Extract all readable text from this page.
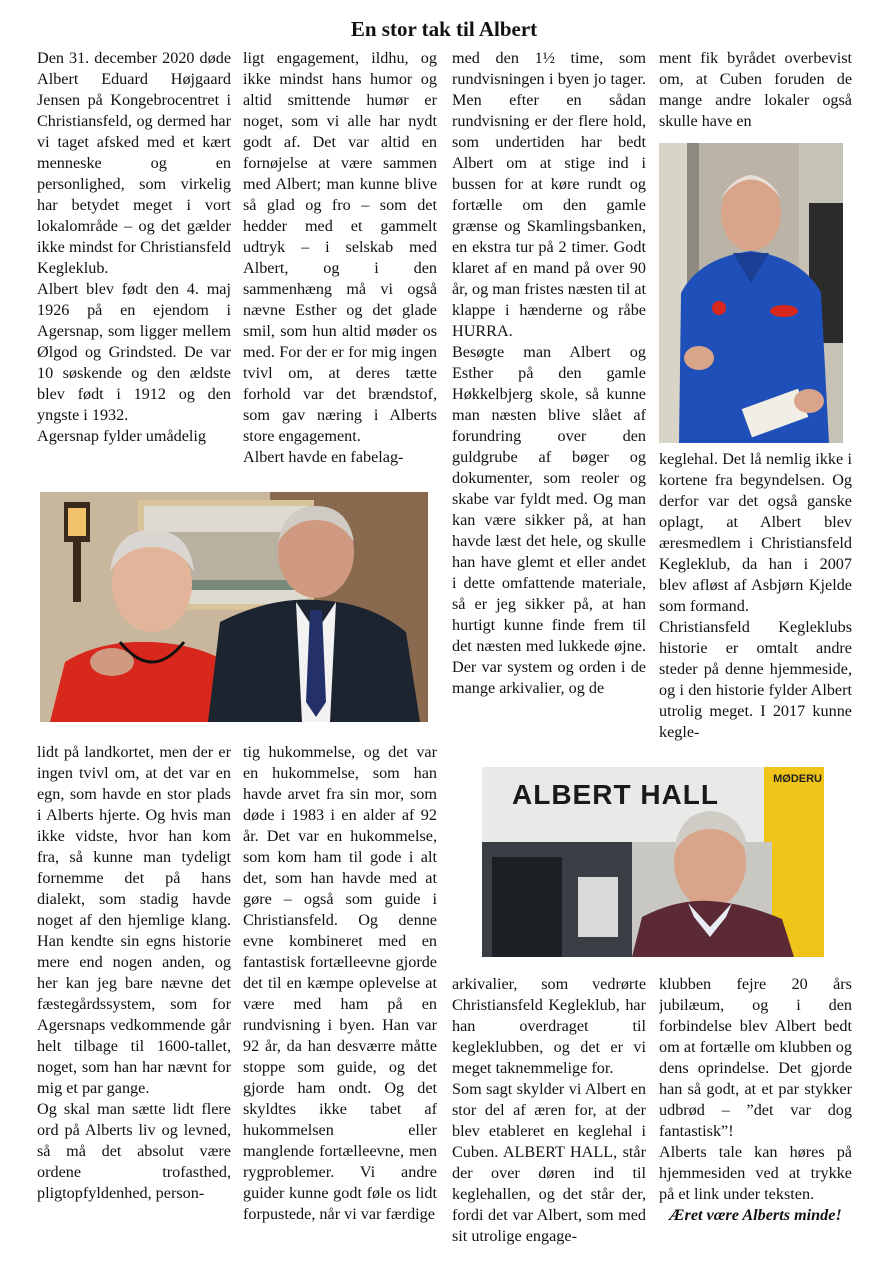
En stor tak til Albert

Den 31. december 2020 døde Albert Eduard Højgaard Jensen på Kongebrocentret i Christiansfeld, og dermed har vi taget afsked med et kært menneske og en personlighed, som virkelig har betydet meget i vort lokalområde – og det gælder ikke mindst for Christiansfeld Kegleklub.

Albert blev født den 4. maj 1926 på en ejendom i Agersnap, som ligger mellem Ølgod og Grindsted. De var 10 søskende og den ældste blev født i 1912 og den yngste i 1932.

Agersnap fylder umådelig

ligt engagement, ildhu, og ikke mindst hans humor og altid smittende humør er noget, som vi alle har nydt godt af. Det var altid en fornøjelse at være sammen med Albert; man kunne blive så glad og fro – som det hedder med et gammelt udtryk – i selskab med Albert, og i den sammenhæng må vi også nævne Esther og det glade smil, som hun altid møder os med. For der er for mig ingen tvivl om, at deres tætte forhold var det brændstof, som gav næring i Alberts store engagement.

Albert havde en fabelag-

med den 1½ time, som rundvisningen i byen jo tager. Men efter en sådan rundvisning er der flere hold, som undertiden har bedt Albert om at stige ind i bussen for at køre rundt og fortælle om den gamle grænse og Skamlingsbanken, en ekstra tur på 2 timer. Godt klaret af en mand på over 90 år, og man fristes næsten til at klappe i hænderne og råbe HURRA.

Besøgte man Albert og Esther på den gamle Høkkelbjerg skole, så kunne man næsten blive slået af forundring over den guldgrube af bøger og dokumenter, som reoler og skabe var fyldt med. Og man kan være sikker på, at han havde læst det hele, og skulle han have glemt et eller andet i dette omfattende materiale, så er jeg sikker på, at han hurtigt kunne finde frem til det næsten med lukkede øjne. Der var system og orden i de mange arkivalier, og de

ment fik byrådet overbevist om, at Cuben foruden de mange andre lokaler også skulle have en

keglehal. Det lå nemlig ikke i kortene fra begyndelsen. Og derfor var det også ganske oplagt, at Albert blev æresmedlem i Christiansfeld Kegleklub, da han i 2007 blev afløst af Asbjørn Kjelde som formand.

Christiansfeld Kegleklubs historie er omtalt andre steder på denne hjemmeside, og i den historie fylder Albert utrolig meget. I 2017 kunne kegle-

lidt på landkortet, men der er ingen tvivl om, at det var en egn, som havde en stor plads i Alberts hjerte. Og hvis man ikke vidste, hvor han kom fra, så kunne man tydeligt fornemme det på hans dialekt, som stadig havde noget af den hjemlige klang. Han kendte sin egns historie mere end nogen anden, og her kan jeg bare nævne det fæstegårdssystem, som for Agersnaps vedkommende går helt tilbage til 1600-tallet, noget, som han har nævnt for mig et par gange.

Og skal man sætte lidt flere ord på Alberts liv og levned, så må det absolut være ordene trofasthed, pligtopfyldenhed, person-

tig hukommelse, og det var en hukommelse, som han havde arvet fra sin mor, som døde i 1983 i en alder af 92 år. Det var en hukommelse, som kom ham til gode i alt det, som han havde med at gøre – også som guide i Christiansfeld. Og denne evne kombineret med en fantastisk fortælleevne gjorde det til en kæmpe oplevelse at være med ham på en rundvisning i byen. Han var 92 år, da han desværre måtte stoppe som guide, og det gjorde ham ondt. Og det skyldtes ikke tabet af hukommelsen eller manglende fortælleevne, men rygproblemer. Vi andre guider kunne godt føle os lidt forpustede, når vi var færdige

ALBERT HALL	MØDERU

arkivalier, som vedrørte Christiansfeld Kegleklub, har han overdraget til kegleklubben, og det er vi meget taknemmelige for.

Som sagt skylder vi Albert en stor del af æren for, at der blev etableret en keglehal i Cuben. ALBERT HALL, står der over døren ind til keglehallen, og det står der, fordi det var Albert, som med sit utrolige engage-

klubben fejre 20 års jubilæum, og i den forbindelse blev Albert bedt om at fortælle om klubben og dens oprindelse. Det gjorde han så godt, at et par stykker udbrød – ”det var dog fantastisk”!

Alberts tale kan høres på hjemmesiden ved at trykke på et link under teksten.

Æret være Alberts minde!
